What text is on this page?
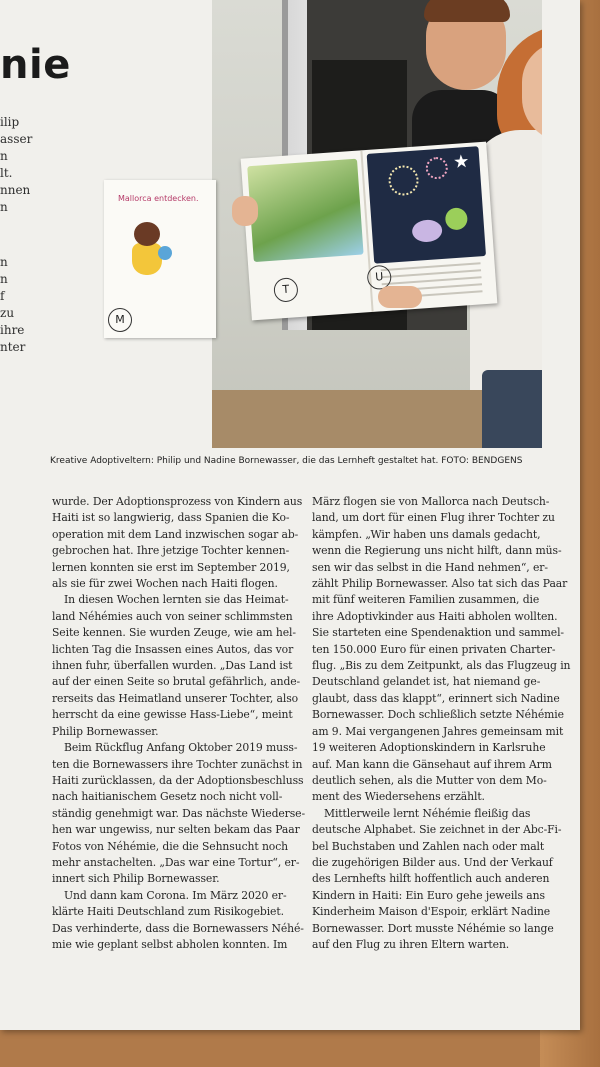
nie
ilip
asser
n
lt.
nnen
n
n
n
f
zu
ihre
nter
Mallorca entdecken.
M
★
T
U
Kreative Adoptiveltern: Philip und Nadine Bornewasser, die das Lernheft gestaltet hat. FOTO: BENDGENS

wurde. Der Adoptionsprozess von Kindern aus

Haiti ist so langwierig, dass Spanien die Ko-

operation mit dem Land inzwischen sogar ab-

gebrochen hat. Ihre jetzige Tochter kennen-

lernen konnten sie erst im September 2019,

als sie für zwei Wochen nach Haiti flogen.

In diesen Wochen lernten sie das Heimat-

land Néhémies auch von seiner schlimmsten

Seite kennen. Sie wurden Zeuge, wie am hel-

lichten Tag die Insassen eines Autos, das vor

ihnen fuhr, überfallen wurden. „Das Land ist

auf der einen Seite so brutal gefährlich, ande-

rerseits das Heimatland unserer Tochter, also

herrscht da eine gewisse Hass-Liebe“, meint

Philip Bornewasser.

Beim Rückflug Anfang Oktober 2019 muss-

ten die Bornewassers ihre Tochter zunächst in

Haiti zurücklassen, da der Adoptionsbeschluss

nach haitianischem Gesetz noch nicht voll-

ständig genehmigt war. Das nächste Wiederse-

hen war ungewiss, nur selten bekam das Paar

Fotos von Néhémie, die die Sehnsucht noch

mehr anstachelten. „Das war eine Tortur“, er-

innert sich Philip Bornewasser.

Und dann kam Corona. Im März 2020 er-

klärte Haiti Deutschland zum Risikogebiet.

Das verhinderte, dass die Bornewassers Néhé-

mie wie geplant selbst abholen konnten. Im

März flogen sie von Mallorca nach Deutsch-

land, um dort für einen Flug ihrer Tochter zu

kämpfen. „Wir haben uns damals gedacht,

wenn die Regierung uns nicht hilft, dann müs-

sen wir das selbst in die Hand nehmen“, er-

zählt Philip Bornewasser. Also tat sich das Paar

mit fünf weiteren Familien zusammen, die

ihre Adoptivkinder aus Haiti abholen wollten.

Sie starteten eine Spendenaktion und sammel-

ten 150.000 Euro für einen privaten Charter-

flug. „Bis zu dem Zeitpunkt, als das Flugzeug in

Deutschland gelandet ist, hat niemand ge-

glaubt, dass das klappt“, erinnert sich Nadine

Bornewasser. Doch schließlich setzte Néhémie

am 9. Mai vergangenen Jahres gemeinsam mit

19 weiteren Adoptionskindern in Karlsruhe

auf. Man kann die Gänsehaut auf ihrem Arm

deutlich sehen, als die Mutter von dem Mo-

ment des Wiedersehens erzählt.

Mittlerweile lernt Néhémie fleißig das

deutsche Alphabet. Sie zeichnet in der Abc-Fi-

bel Buchstaben und Zahlen nach oder malt

die zugehörigen Bilder aus. Und der Verkauf

des Lernhefts hilft hoffentlich auch anderen

Kindern in Haiti: Ein Euro gehe jeweils ans

Kinderheim Maison d'Espoir, erklärt Nadine

Bornewasser. Dort musste Néhémie so lange

auf den Flug zu ihren Eltern warten.
